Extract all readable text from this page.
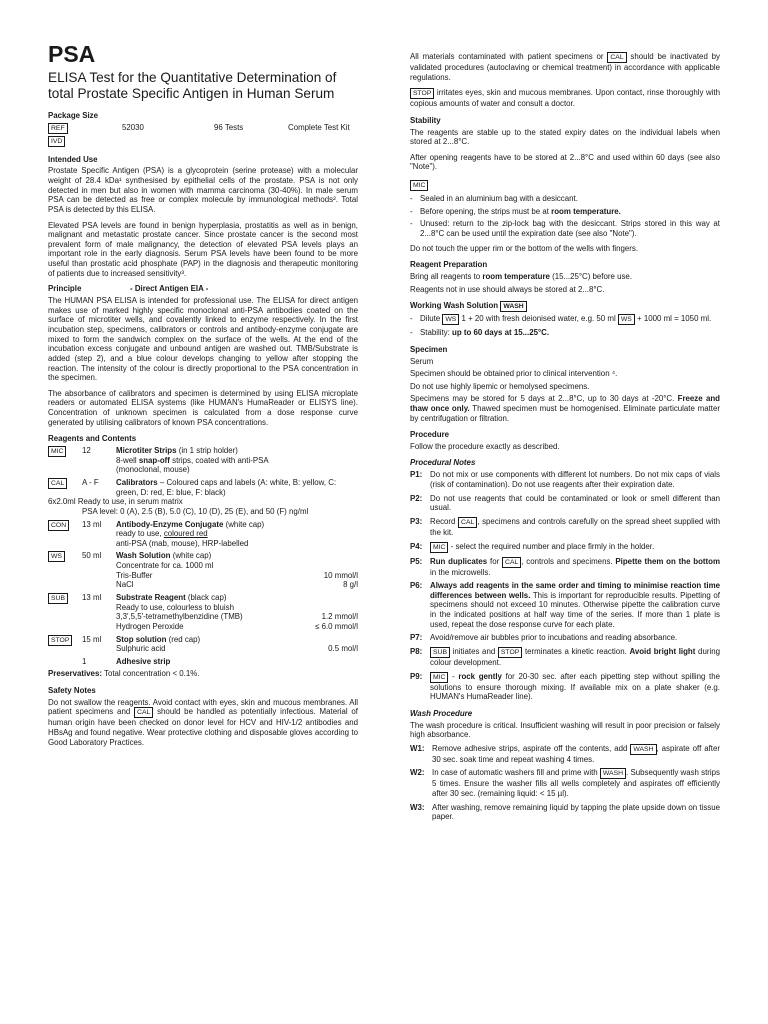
PSA
ELISA Test for the Quantitative Determination of total Prostate Specific Antigen in Human Serum
Package Size
REF	52030	96 Tests	Complete Test Kit
IVD
Intended Use

Prostate Specific Antigen (PSA) is a glycoprotein (serine protease) with a molecular weight of 28.4 kDa¹ synthesised by epithelial cells of the prostate. PSA is not only detected in men but also in women with mamma carcinoma (30-40%). In male serum PSA can be detected as free or complex molecule by immunological methods². Total PSA is detected by this ELISA.

Elevated PSA levels are found in benign hyperplasia, prostatitis as well as in benign, malignant and metastatic prostate cancer. Since prostate cancer is the second most prevalent form of male malignancy, the detection of elevated PSA levels plays an important role in the early diagnosis. Serum PSA levels have been found to be more useful than prostatic acid phosphate (PAP) in the diagnosis and therapeutic monitoring of patients due to increased sensitivity³.

Principle	- Direct Antigen EIA -

The HUMAN PSA ELISA is intended for professional use. The ELISA for direct antigen makes use of marked highly specific monoclonal anti-PSA antibodies coated on the surface of microtiter wells, and covalently linked to enzyme respectively. In the first incubation step, specimens, calibrators or controls and antibody-enzyme conjugate are mixed to form the sandwich complex on the surface of the wells. At the end of the incubation excess conjugate and unbound antigen are washed out. TMB/Substrate is added (step 2), and a blue colour develops changing to yellow after stopping the reaction. The intensity of the colour is directly proportional to the PSA concentration in the specimen.

The absorbance of calibrators and specimen is determined by using ELISA microplate readers or automated ELISA systems (like HUMAN's HumaReader or ELISYS line). Concentration of unknown specimen is calculated from a dose response curve generated by utilising calibrators of known PSA concentrations.

Reagents and Contents
MIC	12	Microtiter Strips (in 1 strip holder)
8-well snap-off strips, coated with anti-PSA
(monoclonal, mouse)
CAL	A - F	Calibrators – Coloured caps and labels (A: white, B: yellow, C: green, D: red, E: blue, F: black)
6x2.0ml Ready to use, in serum matrix
PSA level: 0 (A), 2.5 (B), 5.0 (C), 10 (D), 25 (E), and 50 (F) ng/ml
CON	13 ml	Antibody-Enzyme Conjugate (white cap)
ready to use, coloured red
anti-PSA (mab, mouse), HRP-labelled
WS	50 ml	Wash Solution (white cap)
Concentrate for ca. 1000 ml
Tris-Buffer	10 mmol/l
NaCl	8 g/l
SUB	13 ml	Substrate Reagent (black cap)
Ready to use, colourless to bluish
3,3',5,5'-tetramethylbenzidine (TMB)	1.2 mmol/l
Hydrogen Peroxide	≤ 6.0 mmol/l
STOP	15 ml	Stop solution (red cap)
Sulphuric acid	0.5 mol/l
1	Adhesive strip

Preservatives: Total concentration < 0.1%.

Safety Notes

Do not swallow the reagents. Avoid contact with eyes, skin and mucous membranes. All patient specimens and CAL should be handled as potentially infectious. Material of human origin have been checked on donor level for HCV and HIV-1/2 antibodies and HBsAg and found negative. Wear protective clothing and disposable gloves according to Good Laboratory Practices.

All materials contaminated with patient specimens or CAL should be inactivated by validated procedures (autoclaving or chemical treatment) in accordance with applicable regulations.

STOP irritates eyes, skin and mucous membranes. Upon contact, rinse thoroughly with copious amounts of water and consult a doctor.

Stability

The reagents are stable up to the stated expiry dates on the individual labels when stored at 2...8°C.

After opening reagents have to be stored at 2...8°C and used within 60 days (see also "Note").

MIC
- Sealed in an aluminium bag with a desiccant.
- Before opening, the strips must be at room temperature.
- Unused: return to the zip-lock bag with the desiccant. Strips stored in this way at 2...8°C can be used until the expiration date (see also "Note").

Do not touch the upper rim or the bottom of the wells with fingers.

Reagent Preparation

Bring all reagents to room temperature (15...25°C) before use.

Reagents not in use should always be stored at 2...8°C.

Working Wash Solution WASH
- Dilute WS 1 + 20 with fresh deionised water, e.g. 50 ml WS + 1000 ml = 1050 ml.
- Stability: up to 60 days at 15...25°C.
Specimen

Serum

Specimen should be obtained prior to clinical intervention ⁴.

Do not use highly lipemic or hemolysed specimens.

Specimens may be stored for 5 days at 2...8°C, up to 30 days at -20°C. Freeze and thaw once only. Thawed specimen must be homogenised. Eliminate particulate matter by centrifugation or filtration.

Procedure

Follow the procedure exactly as described.

Procedural Notes
P1: Do not mix or use components with different lot numbers. Do not mix caps of vials (risk of contamination). Do not use reagents after their expiration date.
P2: Do not use reagents that could be contaminated or look or smell different than usual.
P3: Record CAL , specimens and controls carefully on the spread sheet supplied with the kit.
P4:	MIC - select the required number and place firmly in the holder.
P5: Run duplicates for CAL , controls and specimens. Pipette them on the bottom in the microwells.
P6: Always add reagents in the same order and timing to minimise reaction time differences between wells. This is important for reproducible results. Pipetting of specimens should not exceed 10 minutes. Otherwise pipette the calibration curve in the indicated positions at half way time of the series. If more than 1 plate is used, repeat the dose response curve for each plate.
P7: Avoid/remove air bubbles prior to incubations and reading absorbance.
P8:	SUB initiates and STOP terminates a kinetic reaction. Avoid bright light during colour development.
P9:	MIC - rock gently for 20-30 sec. after each pipetting step without spilling the solutions to ensure thorough mixing. If available mix on a plate shaker (e.g. HUMAN's HumaReader line).
Wash Procedure

The wash procedure is critical. Insufficient washing will result in poor precision or falsely high absorbance.

W1: Remove adhesive strips, aspirate off the contents, add WASH , aspirate off after 30 sec. soak time and repeat washing 4 times.
W2: In case of automatic washers fill and prime with WASH . Subsequently wash strips 5 times. Ensure the washer fills all wells completely and aspirates off efficiently after 30 sec. (remaining liquid: < 15 µl).
W3: After washing, remove remaining liquid by tapping the plate upside down on tissue paper.
